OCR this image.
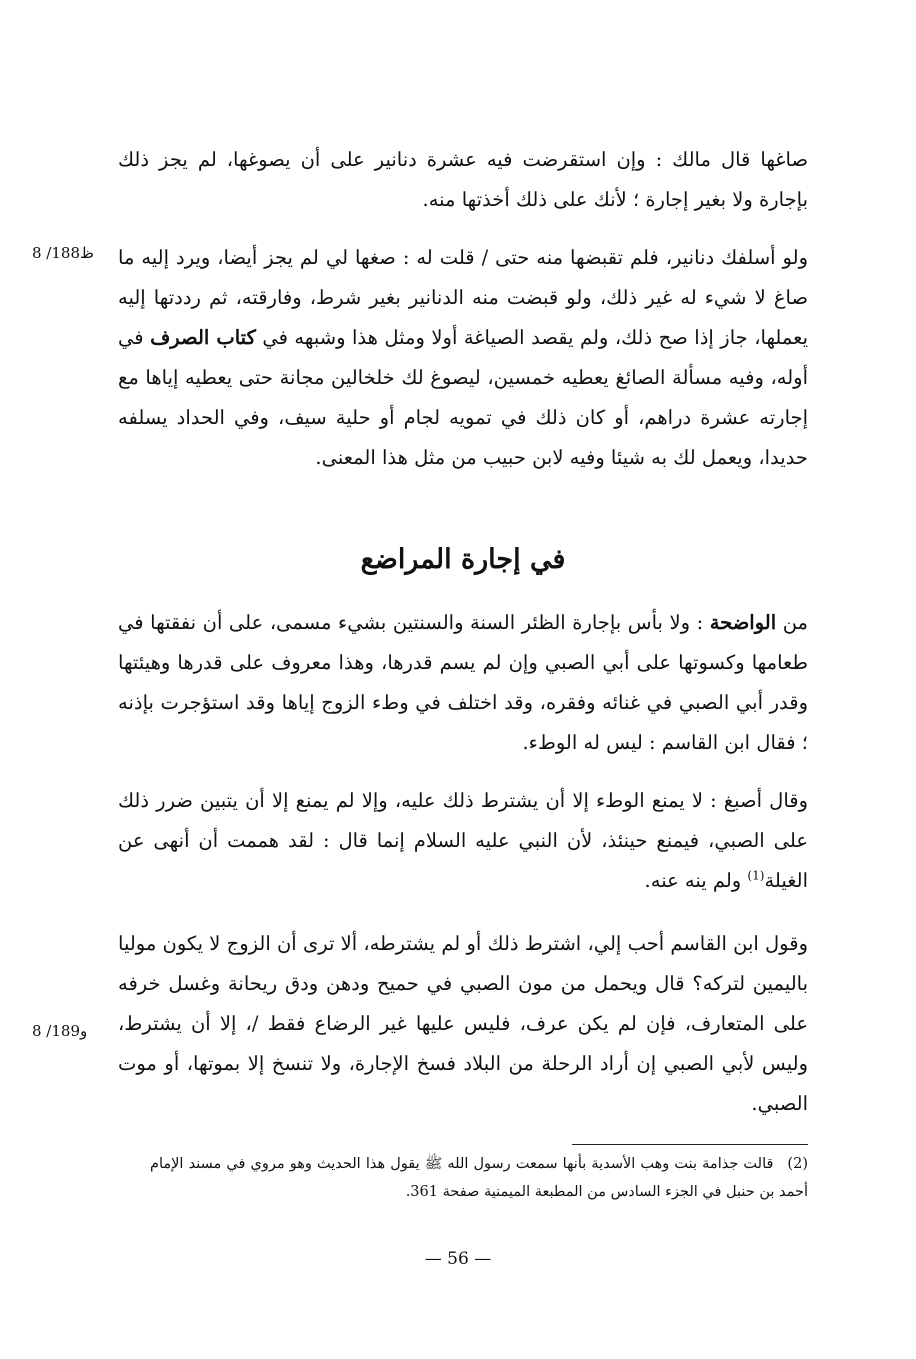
صاغها قال مالك : وإن استقرضت فيه عشرة دنانير على أن يصوغها، لم يجز ذلك بإجارة ولا بغير إجارة ؛ لأنك على ذلك أخذتها منه.

8 /188ظ ولو أسلفك دنانير، فلم تقبضها منه حتى / قلت له : صغها لي لم يجز أيضا، ويرد إليه ما صاغ لا شيء له غير ذلك، ولو قبضت منه الدنانير بغير شرط، وفارقته، ثم رددتها إليه يعملها، جاز إذا صح ذلك، ولم يقصد الصياغة أولا ومثل هذا وشبهه في كتاب الصرف في أوله، وفيه مسألة الصائغ يعطيه خمسين، ليصوغ لك خلخالين مجانة حتى يعطيه إياها مع إجارته عشرة دراهم، أو كان ذلك في تمويه لجام أو حلية سيف، وفي الحداد يسلفه حديدا، ويعمل لك به شيئا وفيه لابن حبيب من مثل هذا المعنى.

في إجارة المراضع

من الواضحة : ولا بأس بإجارة الظئر السنة والسنتين بشيء مسمى، على أن نفقتها في طعامها وكسوتها على أبي الصبي وإن لم يسم قدرها، وهذا معروف على قدرها وهيئتها وقدر أبي الصبي في غنائه وفقره، وقد اختلف في وطء الزوج إياها وقد استؤجرت بإذنه ؛ فقال ابن القاسم : ليس له الوطء.

وقال أصبغ : لا يمنع الوطء إلا أن يشترط ذلك عليه، وإلا لم يمنع إلا أن يتبين ضرر ذلك على الصبي، فيمنع حينئذ، لأن النبي عليه السلام إنما قال : لقد هممت أن أنهى عن الغيلة$^{(1)}$ ولم ينه عنه.

8 /189و

وقول ابن القاسم أحب إلي، اشترط ذلك أو لم يشترطه، ألا ترى أن الزوج لا يكون موليا باليمين لتركه؟ قال ويحمل من مون الصبي في حميح ودهن ودق ريحانة وغسل خرفه على المتعارف، فإن لم يكن عرف، فليس عليها غير الرضاع فقط /، إلا أن يشترط، وليس لأبي الصبي إن أراد الرحلة من البلاد فسخ الإجارة، ولا تنسخ إلا بموتها، أو موت الصبي.

(2)قالت جذامة بنت وهب الأسدية بأنها سمعت رسول الله ﷺ يقول هذا الحديث وهو مروي في مسند الإمام أحمد بن حنبل في الجزء السادس من المطبعة الميمنية صفحة 361.

— 56 —
